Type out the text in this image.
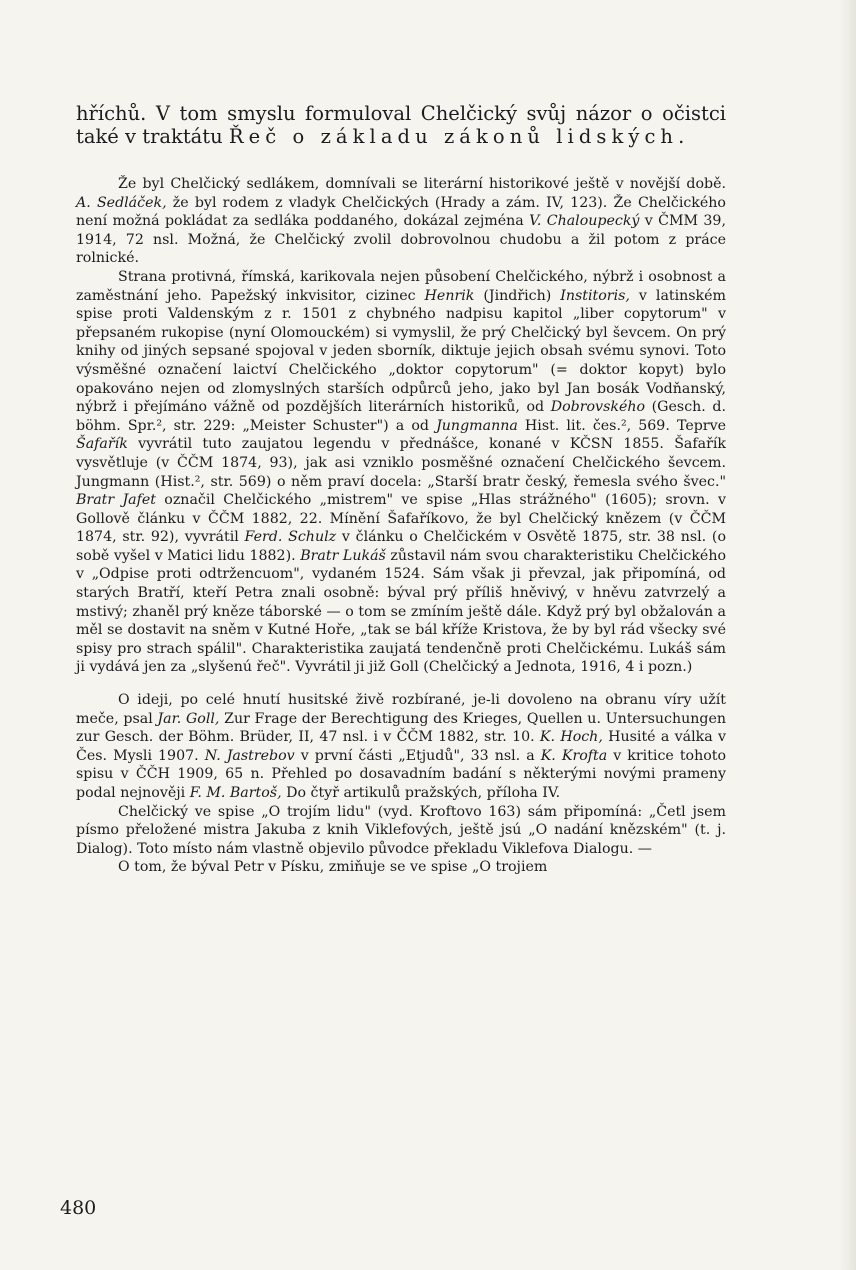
hříchů. V tom smyslu formuloval Chelčický svůj názor o očistci také v traktátu Řeč o základu zákonů lidských.

Že byl Chelčický sedlákem, domnívali se literární historikové ještě v novější době. A. Sedláček, že byl rodem z vladyk Chelčických (Hrady a zám. IV, 123). Že Chelčického není možná pokládat za sedláka poddaného, dokázal zejména V. Chaloupecký v ČMM 39, 1914, 72 nsl. Možná, že Chelčický zvolil dobrovolnou chudobu a žil potom z práce rolnické.

Strana protivná, římská, karikovala nejen působení Chelčického, nýbrž i osobnost a zaměstnání jeho. Papežský inkvisitor, cizinec Henrik (Jindřich) Institoris, v latinském spise proti Valdenským z r. 1501 z chybného nadpisu kapitol „liber copytorum" v přepsaném rukopise (nyní Olomouckém) si vymyslil, že prý Chelčický byl ševcem. On prý knihy od jiných sepsané spojoval v jeden sborník, diktuje jejich obsah svému synovi. Toto výsměšné označení laictví Chelčického „doktor copytorum" (= doktor kopyt) bylo opakováno nejen od zlomyslných starších odpůrců jeho, jako byl Jan bosák Vodňanský, nýbrž i přejímáno vážně od pozdějších literárních historiků, od Dobrovského (Gesch. d. böhm. Spr.², str. 229: „Meister Schuster") a od Jungmanna Hist. lit. čes.², 569. Teprve Šafařík vyvrátil tuto zaujatou legendu v přednášce, konané v KČSN 1855. Šafařík vysvětluje (v ČČM 1874, 93), jak asi vzniklo posměšné označení Chelčického ševcem. Jungmann (Hist.², str. 569) o něm praví docela: „Starší bratr český, řemesla svého švec." Bratr Jafet označil Chelčického „mistrem" ve spise „Hlas strážného" (1605); srovn. v Gollově článku v ČČM 1882, 22. Mínění Šafaříkovo, že byl Chelčický knězem (v ČČM 1874, str. 92), vyvrátil Ferd. Schulz v článku o Chelčickém v Osvětě 1875, str. 38 nsl. (o sobě vyšel v Matici lidu 1882). Bratr Lukáš zůstavil nám svou charakteristiku Chelčického v „Odpise proti odtržencuom", vydaném 1524. Sám však ji převzal, jak připomíná, od starých Bratří, kteří Petra znali osobně: býval prý příliš hněvivý, v hněvu zatvrzelý a mstivý; zhaněl prý kněze táborské — o tom se zmíním ještě dále. Když prý byl obžalován a měl se dostavit na sněm v Kutné Hoře, „tak se bál kříže Kristova, že by byl rád všecky své spisy pro strach spálil". Charakteristika zaujatá tendenčně proti Chelčickému. Lukáš sám ji vydává jen za „slyšenú řeč". Vyvrátil ji již Goll (Chelčický a Jednota, 1916, 4 i pozn.)

O ideji, po celé hnutí husitské živě rozbírané, je-li dovoleno na obranu víry užít meče, psal Jar. Goll, Zur Frage der Berechtigung des Krieges, Quellen u. Untersuchungen zur Gesch. der Böhm. Brüder, II, 47 nsl. i v ČČM 1882, str. 10. K. Hoch, Husité a válka v Čes. Mysli 1907. N. Jastrebov v první části „Etjudů", 33 nsl. a K. Krofta v kritice tohoto spisu v ČČH 1909, 65 n. Přehled po dosavadním badání s některými novými prameny podal nejnověji F. M. Bartoš, Do čtyř artikulů pražských, příloha IV.

Chelčický ve spise „O trojím lidu" (vyd. Kroftovo 163) sám připomíná: „Četl jsem písmo přeložené mistra Jakuba z knih Viklefových, ještě jsú „O nadání knězském" (t. j. Dialog). Toto místo nám vlastně objevilo původce překladu Viklefova Dialogu. —

O tom, že býval Petr v Písku, zmiňuje se ve spise „O trojiem

480
